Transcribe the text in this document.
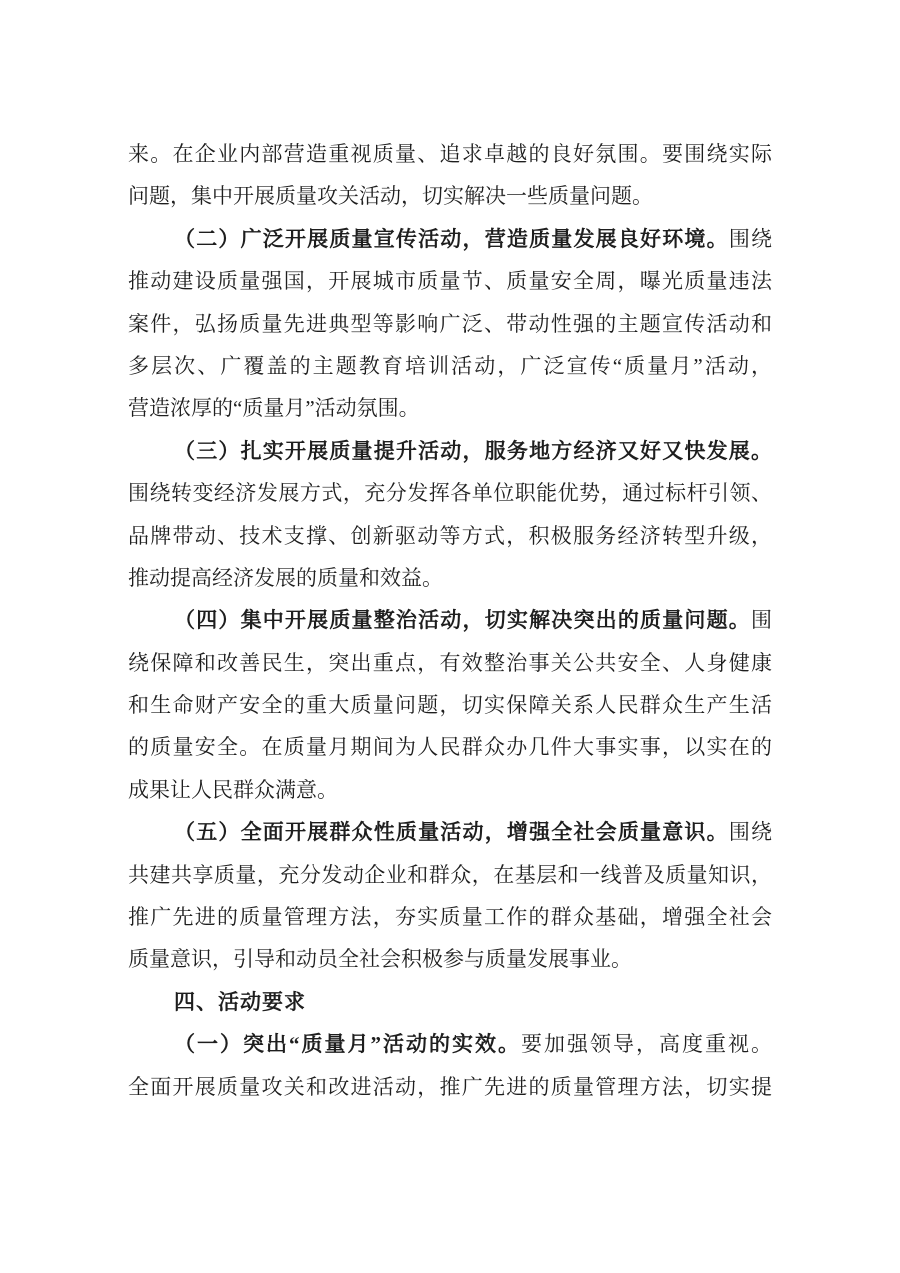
来。在企业内部营造重视质量、追求卓越的良好氛围。要围绕实际
问题，集中开展质量攻关活动，切实解决一些质量问题。
（二）广泛开展质量宣传活动，营造质量发展良好环境。围绕
推动建设质量强国，开展城市质量节、质量安全周，曝光质量违法
案件，弘扬质量先进典型等影响广泛、带动性强的主题宣传活动和
多层次、广覆盖的主题教育培训活动，广泛宣传“质量月”活动，
营造浓厚的“质量月”活动氛围。
（三）扎实开展质量提升活动，服务地方经济又好又快发展。
围绕转变经济发展方式，充分发挥各单位职能优势，通过标杆引领、
品牌带动、技术支撑、创新驱动等方式，积极服务经济转型升级，
推动提高经济发展的质量和效益。
（四）集中开展质量整治活动，切实解决突出的质量问题。围
绕保障和改善民生，突出重点，有效整治事关公共安全、人身健康
和生命财产安全的重大质量问题，切实保障关系人民群众生产生活
的质量安全。在质量月期间为人民群众办几件大事实事，以实在的
成果让人民群众满意。
（五）全面开展群众性质量活动，增强全社会质量意识。围绕
共建共享质量，充分发动企业和群众，在基层和一线普及质量知识，
推广先进的质量管理方法，夯实质量工作的群众基础，增强全社会
质量意识，引导和动员全社会积极参与质量发展事业。
四、活动要求
（一）突出“质量月”活动的实效。要加强领导，高度重视。
全面开展质量攻关和改进活动，推广先进的质量管理方法，切实提
